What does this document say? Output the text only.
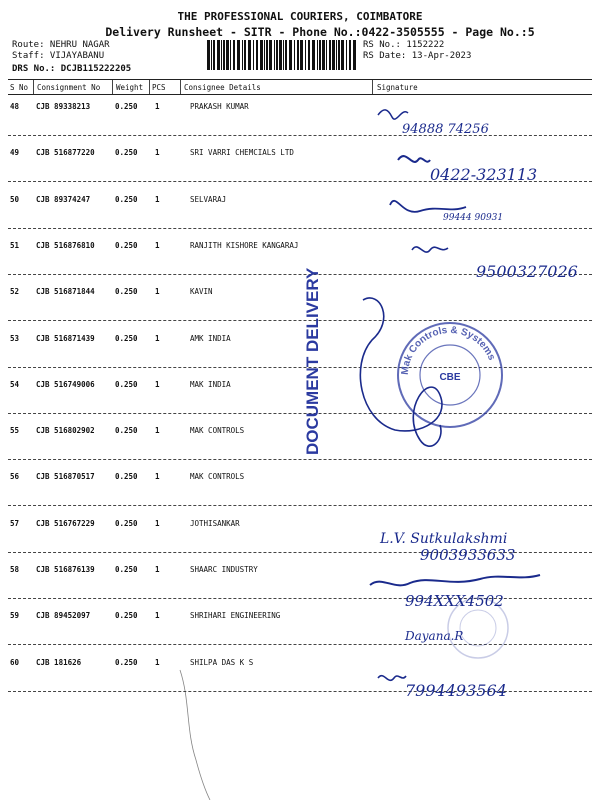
THE PROFESSIONAL COURIERS, COIMBATORE
Delivery Runsheet - SITR - Phone No.:0422-3505555 - Page No.:5
Route: NEHRU NAGAR
Staff: VIJAYABANU
DRS No.: DCJB115222205
RS No.: 1152222
RS Date: 13-Apr-2023
S No Consignment No Weight PCS Consignee Details	Signature
48 CJB 89338213	0.250 1	PRAKASH KUMAR
49 CJB 516877220	0.250 1	SRI VARRI CHEMCIALS LTD
50 CJB 89374247	0.250 1	SELVARAJ
51 CJB 516876810	0.250 1	RANJITH KISHORE KANGARAJ
52 CJB 516871844	0.250 1	KAVIN
53 CJB 516871439	0.250 1	AMK INDIA
54 CJB 516749006	0.250 1	MAK INDIA
55 CJB 516802902	0.250 1	MAK CONTROLS
56 CJB 516870517	0.250 1	MAK CONTROLS
57 CJB 516767229	0.250 1	JOTHISANKAR
58 CJB 516876139	0.250 1	SHAARC INDUSTRY
59 CJB 89452097	0.250 1	SHRIHARI ENGINEERING
60 CJB 181626	0.250 1	SHILPA DAS K S
DOCUMENT DELIVERY	Mak Controls & Systems
CBE
94888 74256
0422-323113
99444 90931
9500327026
L.V. Sutkulakshmi
9003933633
994XXX4502
Dayana.R
7994493564
